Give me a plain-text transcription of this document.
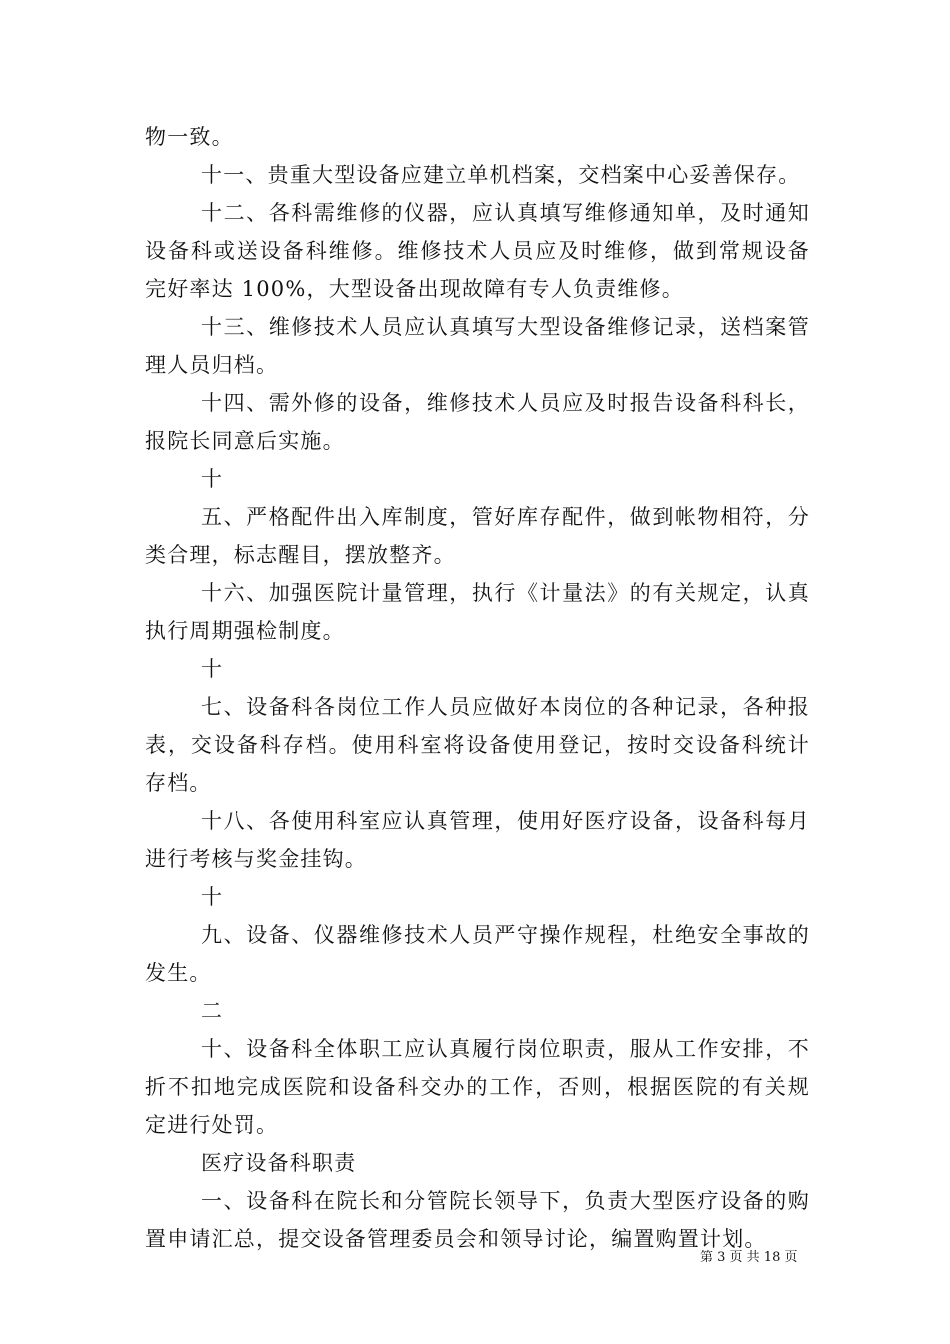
物一致。

十一、贵重大型设备应建立单机档案，交档案中心妥善保存。

十二、各科需维修的仪器，应认真填写维修通知单，及时通知设备科或送设备科维修。维修技术人员应及时维修，做到常规设备完好率达 100%，大型设备出现故障有专人负责维修。

十三、维修技术人员应认真填写大型设备维修记录，送档案管理人员归档。

十四、需外修的设备，维修技术人员应及时报告设备科科长，报院长同意后实施。

十

五、严格配件出入库制度，管好库存配件，做到帐物相符，分类合理，标志醒目，摆放整齐。

十六、加强医院计量管理，执行《计量法》的有关规定，认真执行周期强检制度。

十

七、设备科各岗位工作人员应做好本岗位的各种记录，各种报表，交设备科存档。使用科室将设备使用登记，按时交设备科统计存档。

十八、各使用科室应认真管理，使用好医疗设备，设备科每月进行考核与奖金挂钩。

十

九、设备、仪器维修技术人员严守操作规程，杜绝安全事故的发生。

二

十、设备科全体职工应认真履行岗位职责，服从工作安排，不折不扣地完成医院和设备科交办的工作，否则，根据医院的有关规定进行处罚。

医疗设备科职责

一、设备科在院长和分管院长领导下，负责大型医疗设备的购置申请汇总，提交设备管理委员会和领导讨论，编置购置计划。

第 3 页 共 18 页
